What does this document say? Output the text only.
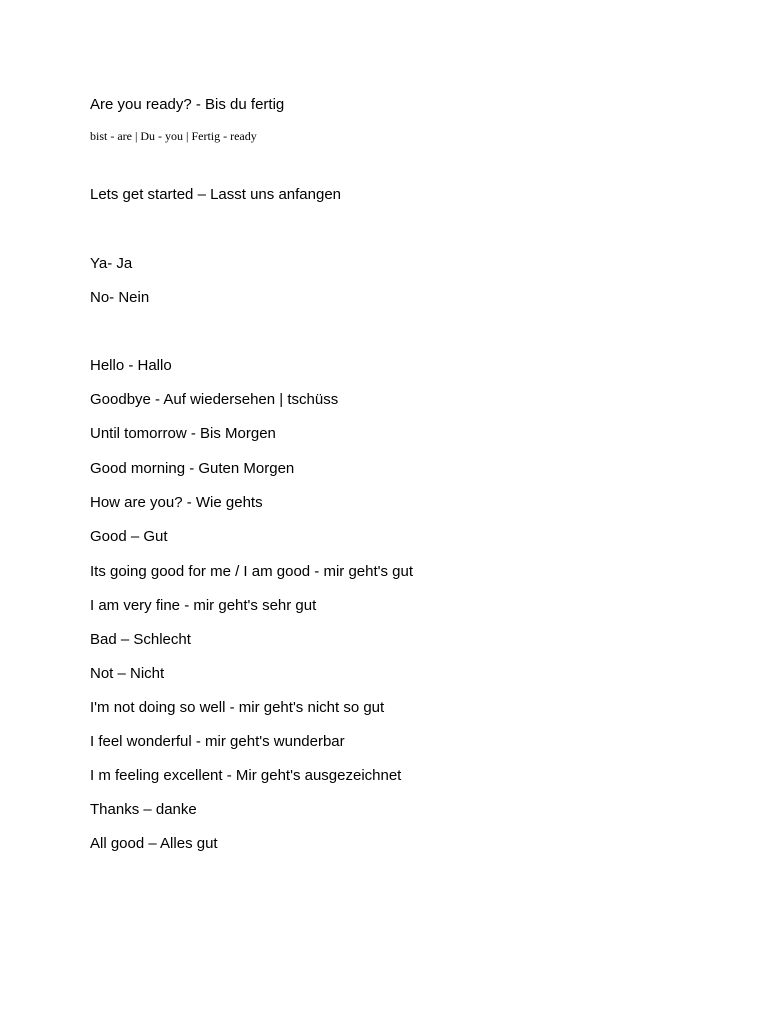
Are you ready? - Bis du fertig
bist - are | Du - you | Fertig - ready
Lets get started – Lasst uns anfangen
Ya- Ja
No- Nein
Hello - Hallo
Goodbye - Auf wiedersehen | tschüss
Until tomorrow - Bis Morgen
Good morning - Guten Morgen
How are you? - Wie gehts
Good – Gut
Its going good for me / I am good - mir geht's gut
I am very fine - mir geht's sehr gut
Bad – Schlecht
Not – Nicht
I'm not doing so well - mir geht's nicht so gut
I feel wonderful - mir geht's wunderbar
I m feeling excellent - Mir geht's ausgezeichnet
Thanks – danke
All good – Alles gut
